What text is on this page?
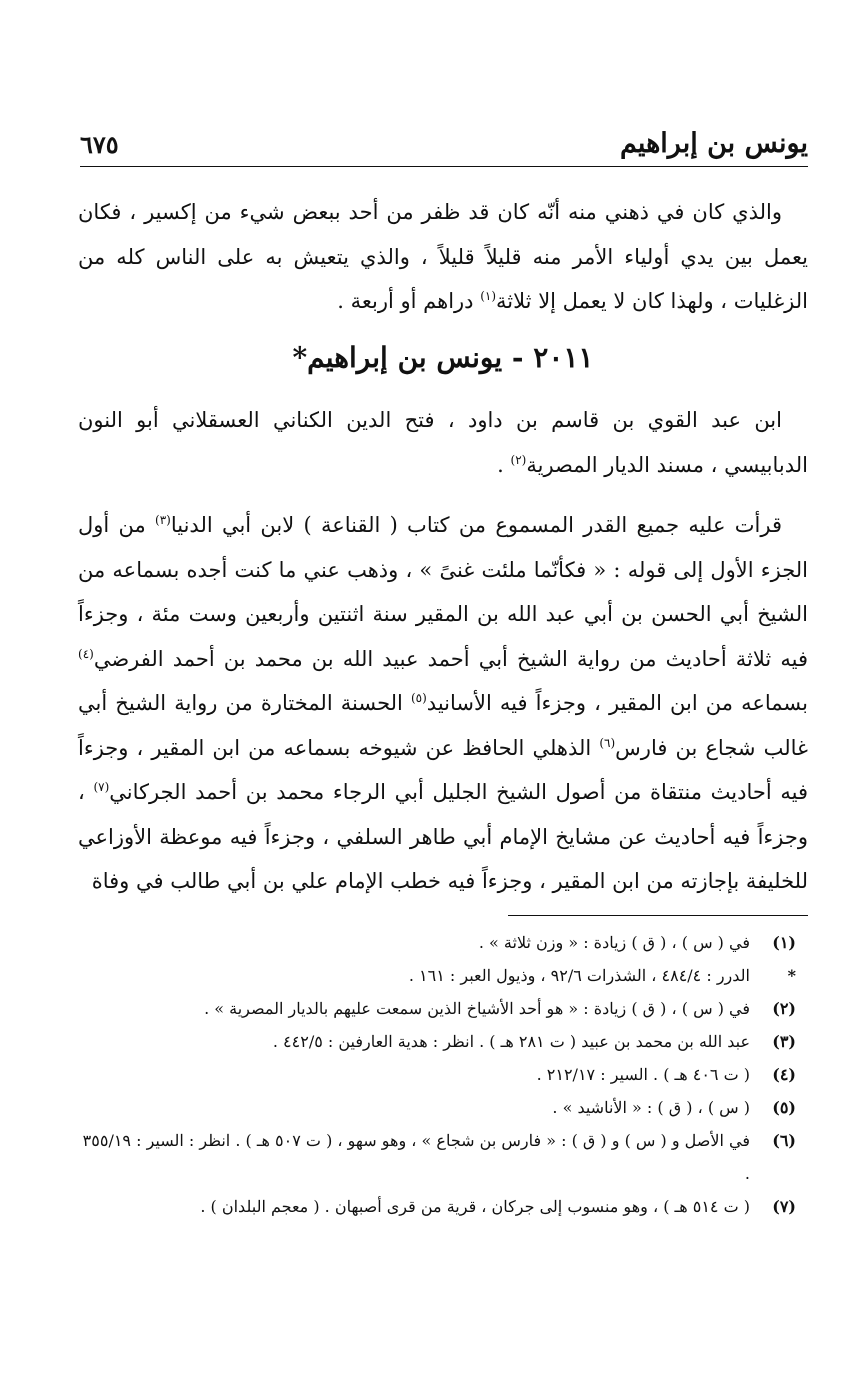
يونس بن إبراهيم
٦٧٥

والذي كان في ذهني منه أنّه كان قد ظفر من أحد ببعض شيء من إكسير ، فكان يعمل بين يدي أولياء الأمر منه قليلاً قليلاً ، والذي يتعيش به على الناس كله من الزغليات ، ولهذا كان لا يعمل إلا ثلاثة$^{(١)}$ دراهم أو أربعة .

٢٠١١ - يونس بن إبراهيم*

ابن عبد القوي بن قاسم بن داود ، فتح الدين الكناني العسقلاني أبو النون الدبابيسي ، مسند الديار المصرية$^{(٢)}$ .

قرأت عليه جميع القدر المسموع من كتاب ( القناعة ) لابن أبي الدنيا$^{(٣)}$ من أول الجزء الأول إلى قوله : « فكأنّما ملئت غنىً » ، وذهب عني ما كنت أجده بسماعه من الشيخ أبي الحسن بن أبي عبد الله بن المقير سنة اثنتين وأربعين وست مئة ، وجزءاً فيه ثلاثة أحاديث من رواية الشيخ أبي أحمد عبيد الله بن محمد بن أحمد الفرضي$^{(٤)}$ بسماعه من ابن المقير ، وجزءاً فيه الأسانيد$^{(٥)}$ الحسنة المختارة من رواية الشيخ أبي غالب شجاع بن فارس$^{(٦)}$ الذهلي الحافظ عن شيوخه بسماعه من ابن المقير ، وجزءاً فيه أحاديث منتقاة من أصول الشيخ الجليل أبي الرجاء محمد بن أحمد الجركاني$^{(٧)}$ ، وجزءاً فيه أحاديث عن مشايخ الإمام أبي طاهر السلفي ، وجزءاً فيه موعظة الأوزاعي للخليفة بإجازته من ابن المقير ، وجزءاً فيه خطب الإمام علي بن أبي طالب في وفاة

(١)
في ( س ) ، ( ق ) زيادة : « وزن ثلاثة » .
*
الدرر : ٤٨٤/٤ ، الشذرات ٩٢/٦ ، وذيول العبر : ١٦١ .
(٢)
في ( س ) ، ( ق ) زيادة : « هو أحد الأشياخ الذين سمعت عليهم بالديار المصرية » .
(٣)
عبد الله بن محمد بن عبيد ( ت ٢٨١ هـ ) . انظر : هدية العارفين : ٤٤٢/٥ .
(٤)
( ت ٤٠٦ هـ ) . السير : ٢١٢/١٧ .
(٥)
( س ) ، ( ق ) : « الأناشيد » .
(٦)
في الأصل و ( س ) و ( ق ) : « فارس بن شجاع » ، وهو سهو ، ( ت ٥٠٧ هـ ) . انظر : السير : ٣٥٥/١٩ .
(٧)
( ت ٥١٤ هـ ) ، وهو منسوب إلى جركان ، قرية من قرى أصبهان . ( معجم البلدان ) .
